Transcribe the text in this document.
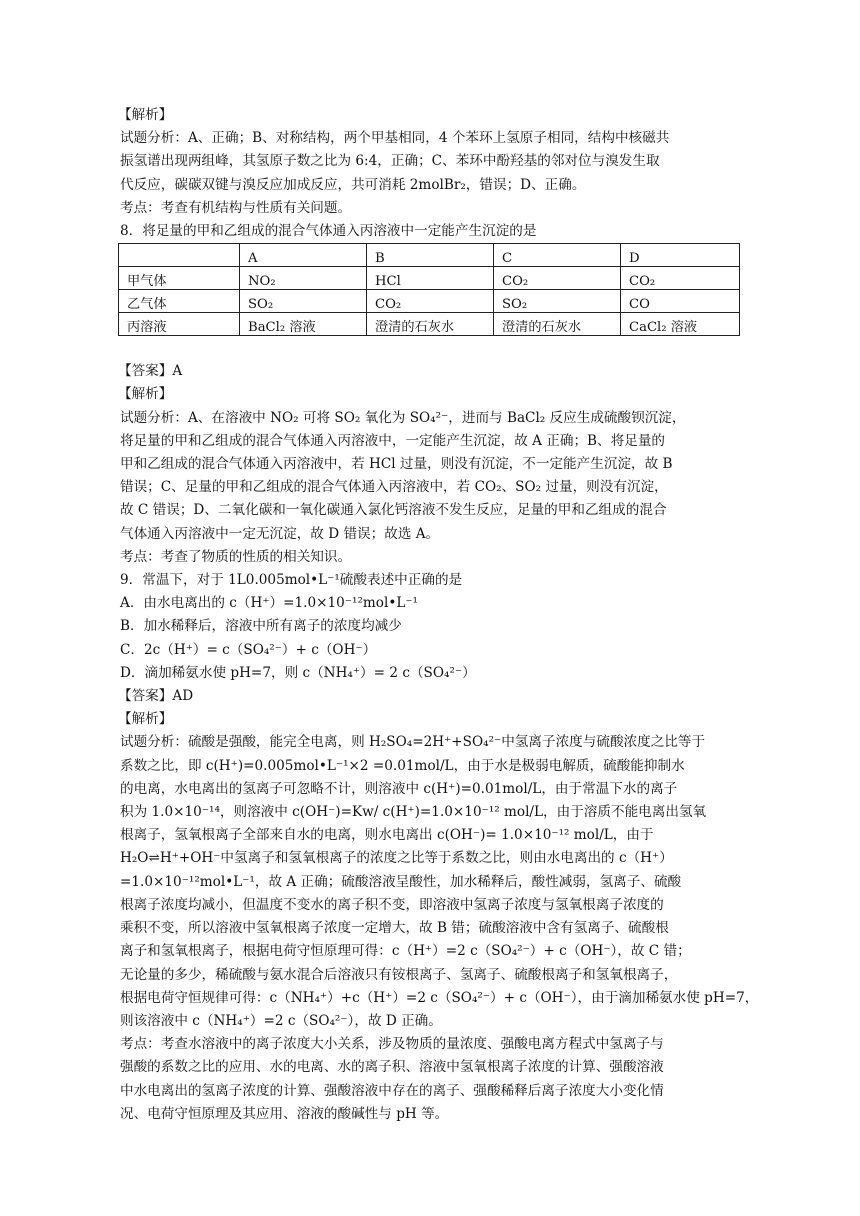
【解析】
试题分析：A、正确；B、对称结构，两个甲基相同，4 个苯环上氢原子相同，结构中核磁共
振氢谱出现两组峰，其氢原子数之比为 6:4，正确；C、苯环中酚羟基的邻对位与溴发生取
代反应，碳碳双键与溴反应加成反应，共可消耗 2molBr₂，错误；D、正确。
考点：考查有机结构与性质有关问题。
8．将足量的甲和乙组成的混合气体通入丙溶液中一定能产生沉淀的是
	A	B	C	D
甲气体	NO₂	HCl	CO₂	CO₂
乙气体	SO₂	CO₂	SO₂	CO
丙溶液	BaCl₂ 溶液	澄清的石灰水	澄清的石灰水	CaCl₂ 溶液
【答案】A
【解析】
试题分析：A、在溶液中 NO₂ 可将 SO₂ 氧化为 SO₄²⁻，进而与 BaCl₂ 反应生成硫酸钡沉淀，
将足量的甲和乙组成的混合气体通入丙溶液中，一定能产生沉淀，故 A 正确；B、将足量的
甲和乙组成的混合气体通入丙溶液中，若 HCl 过量，则没有沉淀，不一定能产生沉淀，故 B
错误；C、足量的甲和乙组成的混合气体通入丙溶液中，若 CO₂、SO₂ 过量，则没有沉淀，
故 C 错误；D、二氧化碳和一氧化碳通入氯化钙溶液不发生反应，足量的甲和乙组成的混合
气体通入丙溶液中一定无沉淀，故 D 错误；故选 A。
考点：考查了物质的性质的相关知识。
9．常温下，对于 1L0.005mol•L⁻¹硫酸表述中正确的是
A．由水电离出的 c（H⁺）=1.0×10⁻¹²mol•L⁻¹
B．加水稀释后，溶液中所有离子的浓度均减少
C．2c（H⁺）= c（SO₄²⁻）+ c（OH⁻）
D．滴加稀氨水使 pH=7，则 c（NH₄⁺）= 2 c（SO₄²⁻）
【答案】AD
【解析】
试题分析：硫酸是强酸，能完全电离，则 H₂SO₄=2H⁺+SO₄²⁻中氢离子浓度与硫酸浓度之比等于
系数之比，即 c(H⁺)=0.005mol•L⁻¹×2 =0.01mol/L，由于水是极弱电解质，硫酸能抑制水
的电离，水电离出的氢离子可忽略不计，则溶液中 c(H⁺)=0.01mol/L，由于常温下水的离子
积为 1.0×10⁻¹⁴，则溶液中 c(OH⁻)=Kw/ c(H⁺)=1.0×10⁻¹² mol/L，由于溶质不能电离出氢氧
根离子，氢氧根离子全部来自水的电离，则水电离出 c(OH⁻)= 1.0×10⁻¹² mol/L，由于
H₂O⇌H⁺+OH⁻中氢离子和氢氧根离子的浓度之比等于系数之比，则由水电离出的 c（H⁺）
=1.0×10⁻¹²mol•L⁻¹，故 A 正确；硫酸溶液呈酸性，加水稀释后，酸性减弱，氢离子、硫酸
根离子浓度均减小，但温度不变水的离子积不变，即溶液中氢离子浓度与氢氧根离子浓度的
乘积不变，所以溶液中氢氧根离子浓度一定增大，故 B 错；硫酸溶液中含有氢离子、硫酸根
离子和氢氧根离子，根据电荷守恒原理可得：c（H⁺）=2 c（SO₄²⁻）+ c（OH⁻），故 C 错；
无论量的多少，稀硫酸与氨水混合后溶液只有铵根离子、氢离子、硫酸根离子和氢氧根离子，
根据电荷守恒规律可得：c（NH₄⁺）+c（H⁺）=2 c（SO₄²⁻）+ c（OH⁻），由于滴加稀氨水使 pH=7，
则该溶液中 c（NH₄⁺）=2 c（SO₄²⁻），故 D 正确。
考点：考查水溶液中的离子浓度大小关系，涉及物质的量浓度、强酸电离方程式中氢离子与
强酸的系数之比的应用、水的电离、水的离子积、溶液中氢氧根离子浓度的计算、强酸溶液
中水电离出的氢离子浓度的计算、强酸溶液中存在的离子、强酸稀释后离子浓度大小变化情
况、电荷守恒原理及其应用、溶液的酸碱性与 pH 等。
